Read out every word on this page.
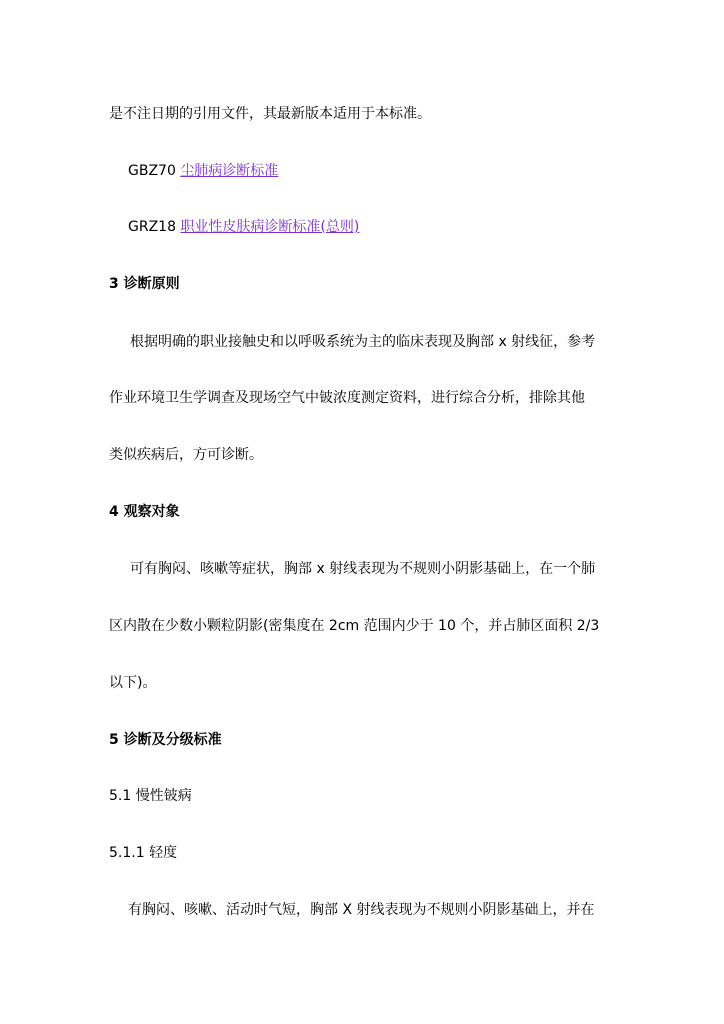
是不注日期的引用文件，其最新版本适用于本标准。
GBZ70 尘肺病诊断标准
GRZ18 职业性皮肤病诊断标准(总则)
3 诊断原则
根据明确的职业接触史和以呼吸系统为主的临床表现及胸部 x 射线征，参考
作业环境卫生学调查及现场空气中铍浓度测定资料，进行综合分析，排除其他
类似疾病后，方可诊断。
4 观察对象
可有胸闷、咳嗽等症状，胸部 x 射线表现为不规则小阴影基础上，在一个肺
区内散在少数小颗粒阴影(密集度在 2cm 范围内少于 10 个，并占肺区面积 2/3
以下)。
5 诊断及分级标准
5.1 慢性铍病
5.1.1 轻度
有胸闷、咳嗽、活动时气短，胸部 X 射线表现为不规则小阴影基础上，并在
